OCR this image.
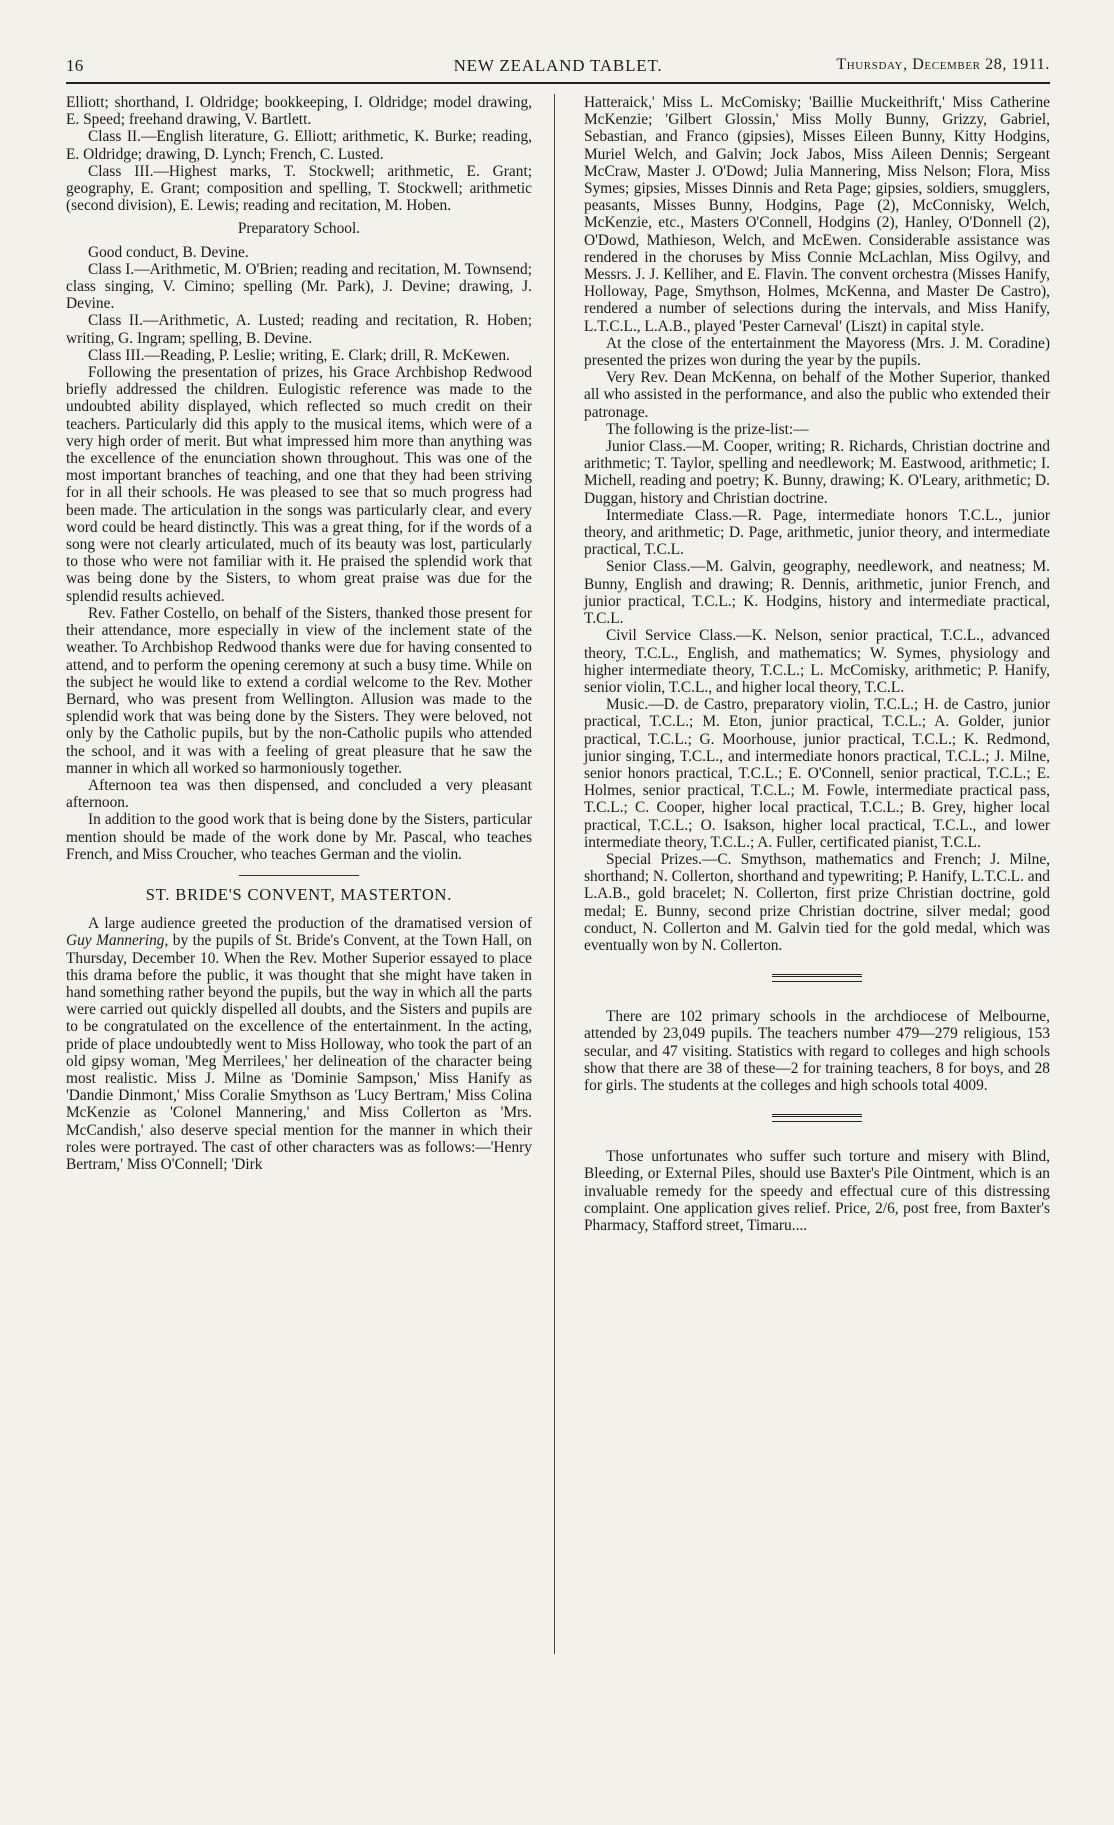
16	NEW ZEALAND TABLET.	Thursday, December 28, 1911.

Elliott; shorthand, I. Oldridge; bookkeeping, I. Oldridge; model drawing, E. Speed; freehand drawing, V. Bartlett.

Class II.—English literature, G. Elliott; arithmetic, K. Burke; reading, E. Oldridge; drawing, D. Lynch; French, C. Lusted.

Class III.—Highest marks, T. Stockwell; arithmetic, E. Grant; geography, E. Grant; composition and spelling, T. Stockwell; arithmetic (second division), E. Lewis; reading and recitation, M. Hoben.

Preparatory School.

Good conduct, B. Devine.

Class I.—Arithmetic, M. O'Brien; reading and recitation, M. Townsend; class singing, V. Cimino; spelling (Mr. Park), J. Devine; drawing, J. Devine.

Class II.—Arithmetic, A. Lusted; reading and recitation, R. Hoben; writing, G. Ingram; spelling, B. Devine.

Class III.—Reading, P. Leslie; writing, E. Clark; drill, R. McKewen.

Following the presentation of prizes, his Grace Archbishop Redwood briefly addressed the children. Eulogistic reference was made to the undoubted ability displayed, which reflected so much credit on their teachers. Particularly did this apply to the musical items, which were of a very high order of merit. But what impressed him more than anything was the excellence of the enunciation shown throughout. This was one of the most important branches of teaching, and one that they had been striving for in all their schools. He was pleased to see that so much progress had been made. The articulation in the songs was particularly clear, and every word could be heard distinctly. This was a great thing, for if the words of a song were not clearly articulated, much of its beauty was lost, particularly to those who were not familiar with it. He praised the splendid work that was being done by the Sisters, to whom great praise was due for the splendid results achieved.

Rev. Father Costello, on behalf of the Sisters, thanked those present for their attendance, more especially in view of the inclement state of the weather. To Archbishop Redwood thanks were due for having consented to attend, and to perform the opening ceremony at such a busy time. While on the subject he would like to extend a cordial welcome to the Rev. Mother Bernard, who was present from Wellington. Allusion was made to the splendid work that was being done by the Sisters. They were beloved, not only by the Catholic pupils, but by the non-Catholic pupils who attended the school, and it was with a feeling of great pleasure that he saw the manner in which all worked so harmoniously together.

Afternoon tea was then dispensed, and concluded a very pleasant afternoon.

In addition to the good work that is being done by the Sisters, particular mention should be made of the work done by Mr. Pascal, who teaches French, and Miss Croucher, who teaches German and the violin.

ST. BRIDE'S CONVENT, MASTERTON.

A large audience greeted the production of the dramatised version of Guy Mannering, by the pupils of St. Bride's Convent, at the Town Hall, on Thursday, December 10. When the Rev. Mother Superior essayed to place this drama before the public, it was thought that she might have taken in hand something rather beyond the pupils, but the way in which all the parts were carried out quickly dispelled all doubts, and the Sisters and pupils are to be congratulated on the excellence of the entertainment. In the acting, pride of place undoubtedly went to Miss Holloway, who took the part of an old gipsy woman, 'Meg Merrilees,' her delineation of the character being most realistic. Miss J. Milne as 'Dominie Sampson,' Miss Hanify as 'Dandie Dinmont,' Miss Coralie Smythson as 'Lucy Bertram,' Miss Colina McKenzie as 'Colonel Mannering,' and Miss Collerton as 'Mrs. McCandish,' also deserve special mention for the manner in which their roles were portrayed. The cast of other characters was as follows:—'Henry Bertram,' Miss O'Connell; 'Dirk

Hatteraick,' Miss L. McComisky; 'Baillie Muckeithrift,' Miss Catherine McKenzie; 'Gilbert Glossin,' Miss Molly Bunny, Grizzy, Gabriel, Sebastian, and Franco (gipsies), Misses Eileen Bunny, Kitty Hodgins, Muriel Welch, and Galvin; Jock Jabos, Miss Aileen Dennis; Sergeant McCraw, Master J. O'Dowd; Julia Mannering, Miss Nelson; Flora, Miss Symes; gipsies, Misses Dinnis and Reta Page; gipsies, soldiers, smugglers, peasants, Misses Bunny, Hodgins, Page (2), McConnisky, Welch, McKenzie, etc., Masters O'Connell, Hodgins (2), Hanley, O'Donnell (2), O'Dowd, Mathieson, Welch, and McEwen. Considerable assistance was rendered in the choruses by Miss Connie McLachlan, Miss Ogilvy, and Messrs. J. J. Kelliher, and E. Flavin. The convent orchestra (Misses Hanify, Holloway, Page, Smythson, Holmes, McKenna, and Master De Castro), rendered a number of selections during the intervals, and Miss Hanify, L.T.C.L., L.A.B., played 'Pester Carneval' (Liszt) in capital style.

At the close of the entertainment the Mayoress (Mrs. J. M. Coradine) presented the prizes won during the year by the pupils.

Very Rev. Dean McKenna, on behalf of the Mother Superior, thanked all who assisted in the performance, and also the public who extended their patronage.

The following is the prize-list:—

Junior Class.—M. Cooper, writing; R. Richards, Christian doctrine and arithmetic; T. Taylor, spelling and needlework; M. Eastwood, arithmetic; I. Michell, reading and poetry; K. Bunny, drawing; K. O'Leary, arithmetic; D. Duggan, history and Christian doctrine.

Intermediate Class.—R. Page, intermediate honors T.C.L., junior theory, and arithmetic; D. Page, arithmetic, junior theory, and intermediate practical, T.C.L.

Senior Class.—M. Galvin, geography, needlework, and neatness; M. Bunny, English and drawing; R. Dennis, arithmetic, junior French, and junior practical, T.C.L.; K. Hodgins, history and intermediate practical, T.C.L.

Civil Service Class.—K. Nelson, senior practical, T.C.L., advanced theory, T.C.L., English, and mathematics; W. Symes, physiology and higher intermediate theory, T.C.L.; L. McComisky, arithmetic; P. Hanify, senior violin, T.C.L., and higher local theory, T.C.L.

Music.—D. de Castro, preparatory violin, T.C.L.; H. de Castro, junior practical, T.C.L.; M. Eton, junior practical, T.C.L.; A. Golder, junior practical, T.C.L.; G. Moorhouse, junior practical, T.C.L.; K. Redmond, junior singing, T.C.L., and intermediate honors practical, T.C.L.; J. Milne, senior honors practical, T.C.L.; E. O'Connell, senior practical, T.C.L.; E. Holmes, senior practical, T.C.L.; M. Fowle, intermediate practical pass, T.C.L.; C. Cooper, higher local practical, T.C.L.; B. Grey, higher local practical, T.C.L.; O. Isakson, higher local practical, T.C.L., and lower intermediate theory, T.C.L.; A. Fuller, certificated pianist, T.C.L.

Special Prizes.—C. Smythson, mathematics and French; J. Milne, shorthand; N. Collerton, shorthand and typewriting; P. Hanify, L.T.C.L. and L.A.B., gold bracelet; N. Collerton, first prize Christian doctrine, gold medal; E. Bunny, second prize Christian doctrine, silver medal; good conduct, N. Collerton and M. Galvin tied for the gold medal, which was eventually won by N. Collerton.

There are 102 primary schools in the archdiocese of Melbourne, attended by 23,049 pupils. The teachers number 479—279 religious, 153 secular, and 47 visiting. Statistics with regard to colleges and high schools show that there are 38 of these—2 for training teachers, 8 for boys, and 28 for girls. The students at the colleges and high schools total 4009.

Those unfortunates who suffer such torture and misery with Blind, Bleeding, or External Piles, should use Baxter's Pile Ointment, which is an invaluable remedy for the speedy and effectual cure of this distressing complaint. One application gives relief. Price, 2/6, post free, from Baxter's Pharmacy, Stafford street, Timaru....
